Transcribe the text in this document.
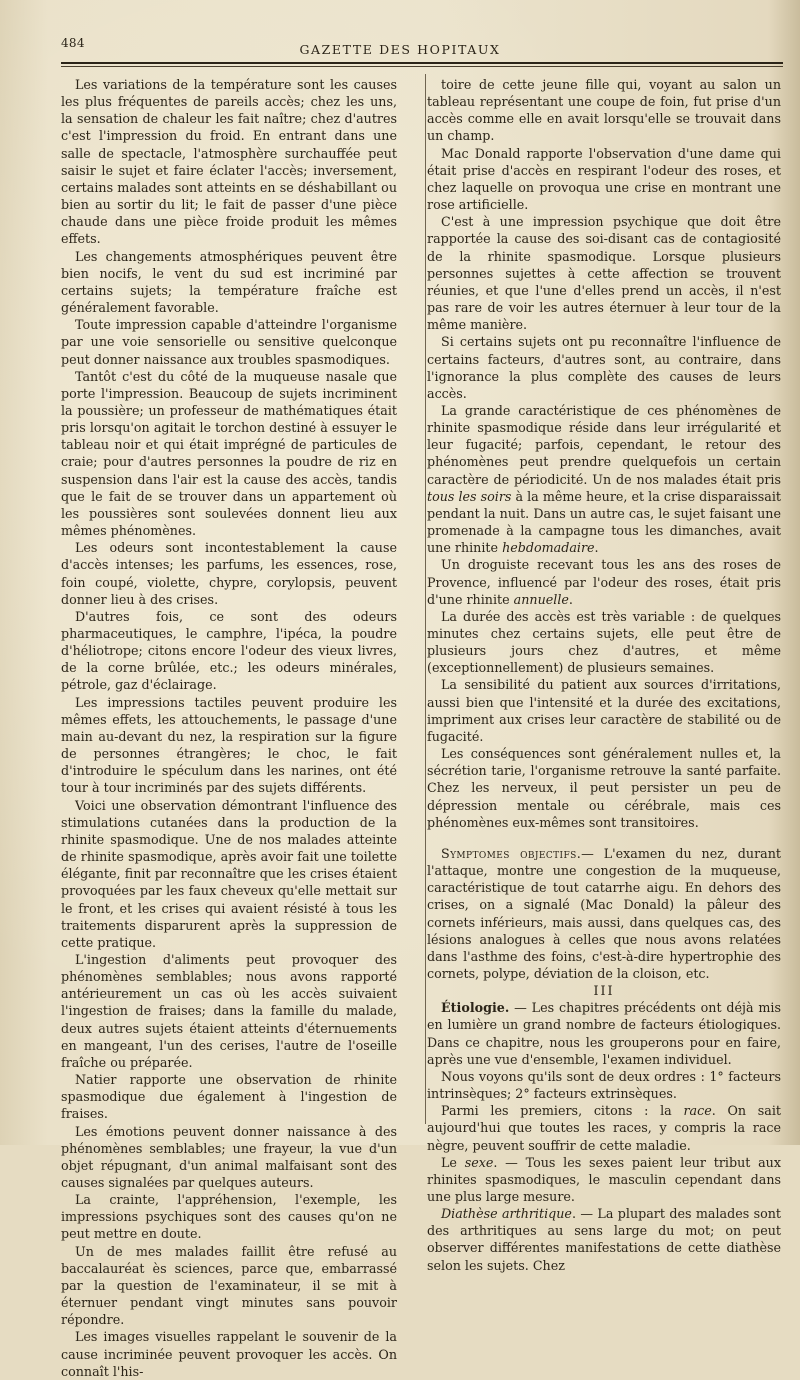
484	GAZETTE DES HOPITAUX

Les variations de la température sont les causes les plus fréquentes de pareils accès; chez les uns, la sensation de chaleur les fait naître; chez d'autres c'est l'impression du froid. En entrant dans une salle de spectacle, l'atmosphère surchauffée peut saisir le sujet et faire éclater l'accès; inversement, certains malades sont atteints en se déshabillant ou bien au sortir du lit; le fait de passer d'une pièce chaude dans une pièce froide produit les mêmes effets.

Les changements atmosphériques peuvent être bien nocifs, le vent du sud est incriminé par certains sujets; la température fraîche est généralement favorable.

Toute impression capable d'atteindre l'organisme par une voie sensorielle ou sensitive quelconque peut donner naissance aux troubles spasmodiques.

Tantôt c'est du côté de la muqueuse nasale que porte l'impression. Beaucoup de sujets incriminent la poussière; un professeur de mathématiques était pris lorsqu'on agitait le torchon destiné à essuyer le tableau noir et qui était imprégné de particules de craie; pour d'autres personnes la poudre de riz en suspension dans l'air est la cause des accès, tandis que le fait de se trouver dans un appartement où les poussières sont soulevées donnent lieu aux mêmes phénomènes.

Les odeurs sont incontestablement la cause d'accès intenses; les parfums, les essences, rose, foin coupé, violette, chypre, corylopsis, peuvent donner lieu à des crises.

D'autres fois, ce sont des odeurs pharmaceutiques, le camphre, l'ipéca, la poudre d'héliotrope; citons encore l'odeur des vieux livres, de la corne brûlée, etc.; les odeurs minérales, pétrole, gaz d'éclairage.

Les impressions tactiles peuvent produire les mêmes effets, les attouchements, le passage d'une main au-devant du nez, la respiration sur la figure de personnes étrangères; le choc, le fait d'introduire le spéculum dans les narines, ont été tour à tour incriminés par des sujets différents.

Voici une observation démontrant l'influence des stimulations cutanées dans la production de la rhinite spasmodique. Une de nos malades atteinte de rhinite spasmodique, après avoir fait une toilette élégante, finit par reconnaître que les crises étaient provoquées par les faux cheveux qu'elle mettait sur le front, et les crises qui avaient résisté à tous les traitements disparurent après la suppression de cette pratique.

L'ingestion d'aliments peut provoquer des phénomènes semblables; nous avons rapporté antérieurement un cas où les accès suivaient l'ingestion de fraises; dans la famille du malade, deux autres sujets étaient atteints d'éternuements en mangeant, l'un des cerises, l'autre de l'oseille fraîche ou préparée.

Natier rapporte une observation de rhinite spasmodique due également à l'ingestion de fraises.

Les émotions peuvent donner naissance à des phénomènes semblables; une frayeur, la vue d'un objet répugnant, d'un animal malfaisant sont des causes signalées par quelques auteurs.

La crainte, l'appréhension, l'exemple, les impressions psychiques sont des causes qu'on ne peut mettre en doute.

Un de mes malades faillit être refusé au baccalauréat ès sciences, parce que, embarrassé par la question de l'examinateur, il se mit à éternuer pendant vingt minutes sans pouvoir répondre.

Les images visuelles rappelant le souvenir de la cause incriminée peuvent provoquer les accès. On connaît l'his-

toire de cette jeune fille qui, voyant au salon un tableau représentant une coupe de foin, fut prise d'un accès comme elle en avait lorsqu'elle se trouvait dans un champ.

Mac Donald rapporte l'observation d'une dame qui était prise d'accès en respirant l'odeur des roses, et chez laquelle on provoqua une crise en montrant une rose artificielle.

C'est à une impression psychique que doit être rapportée la cause des soi-disant cas de contagiosité de la rhinite spasmodique. Lorsque plusieurs personnes sujettes à cette affection se trouvent réunies, et que l'une d'elles prend un accès, il n'est pas rare de voir les autres éternuer à leur tour de la même manière.

Si certains sujets ont pu reconnaître l'influence de certains facteurs, d'autres sont, au contraire, dans l'ignorance la plus complète des causes de leurs accès.

La grande caractéristique de ces phénomènes de rhinite spasmodique réside dans leur irrégularité et leur fugacité; parfois, cependant, le retour des phénomènes peut prendre quelquefois un certain caractère de périodicité. Un de nos malades était pris tous les soirs à la même heure, et la crise disparaissait pendant la nuit. Dans un autre cas, le sujet faisant une promenade à la campagne tous les dimanches, avait une rhinite hebdomadaire.

Un droguiste recevant tous les ans des roses de Provence, influencé par l'odeur des roses, était pris d'une rhinite annuelle.

La durée des accès est très variable : de quelques minutes chez certains sujets, elle peut être de plusieurs jours chez d'autres, et même (exceptionnellement) de plusieurs semaines.

La sensibilité du patient aux sources d'irritations, aussi bien que l'intensité et la durée des excitations, impriment aux crises leur caractère de stabilité ou de fugacité.

Les conséquences sont généralement nulles et, la sécrétion tarie, l'organisme retrouve la santé parfaite. Chez les nerveux, il peut persister un peu de dépression mentale ou cérébrale, mais ces phénomènes eux-mêmes sont transitoires.

Symptomes objectifs.— L'examen du nez, durant l'attaque, montre une congestion de la muqueuse, caractéristique de tout catarrhe aigu. En dehors des crises, on a signalé (Mac Donald) la pâleur des cornets inférieurs, mais aussi, dans quelques cas, des lésions analogues à celles que nous avons relatées dans l'asthme des foins, c'est-à-dire hypertrophie des cornets, polype, déviation de la cloison, etc.

III

Étiologie. — Les chapitres précédents ont déjà mis en lumière un grand nombre de facteurs étiologiques. Dans ce chapitre, nous les grouperons pour en faire, après une vue d'ensemble, l'examen individuel.

Nous voyons qu'ils sont de deux ordres : 1° facteurs intrinsèques; 2° facteurs extrinsèques.

Parmi les premiers, citons : la race. On sait aujourd'hui que toutes les races, y compris la race nègre, peuvent souffrir de cette maladie.

Le sexe. — Tous les sexes paient leur tribut aux rhinites spasmodiques, le masculin cependant dans une plus large mesure.

Diathèse arthritique. — La plupart des malades sont des arthritiques au sens large du mot; on peut observer différentes manifestations de cette diathèse selon les sujets. Chez
